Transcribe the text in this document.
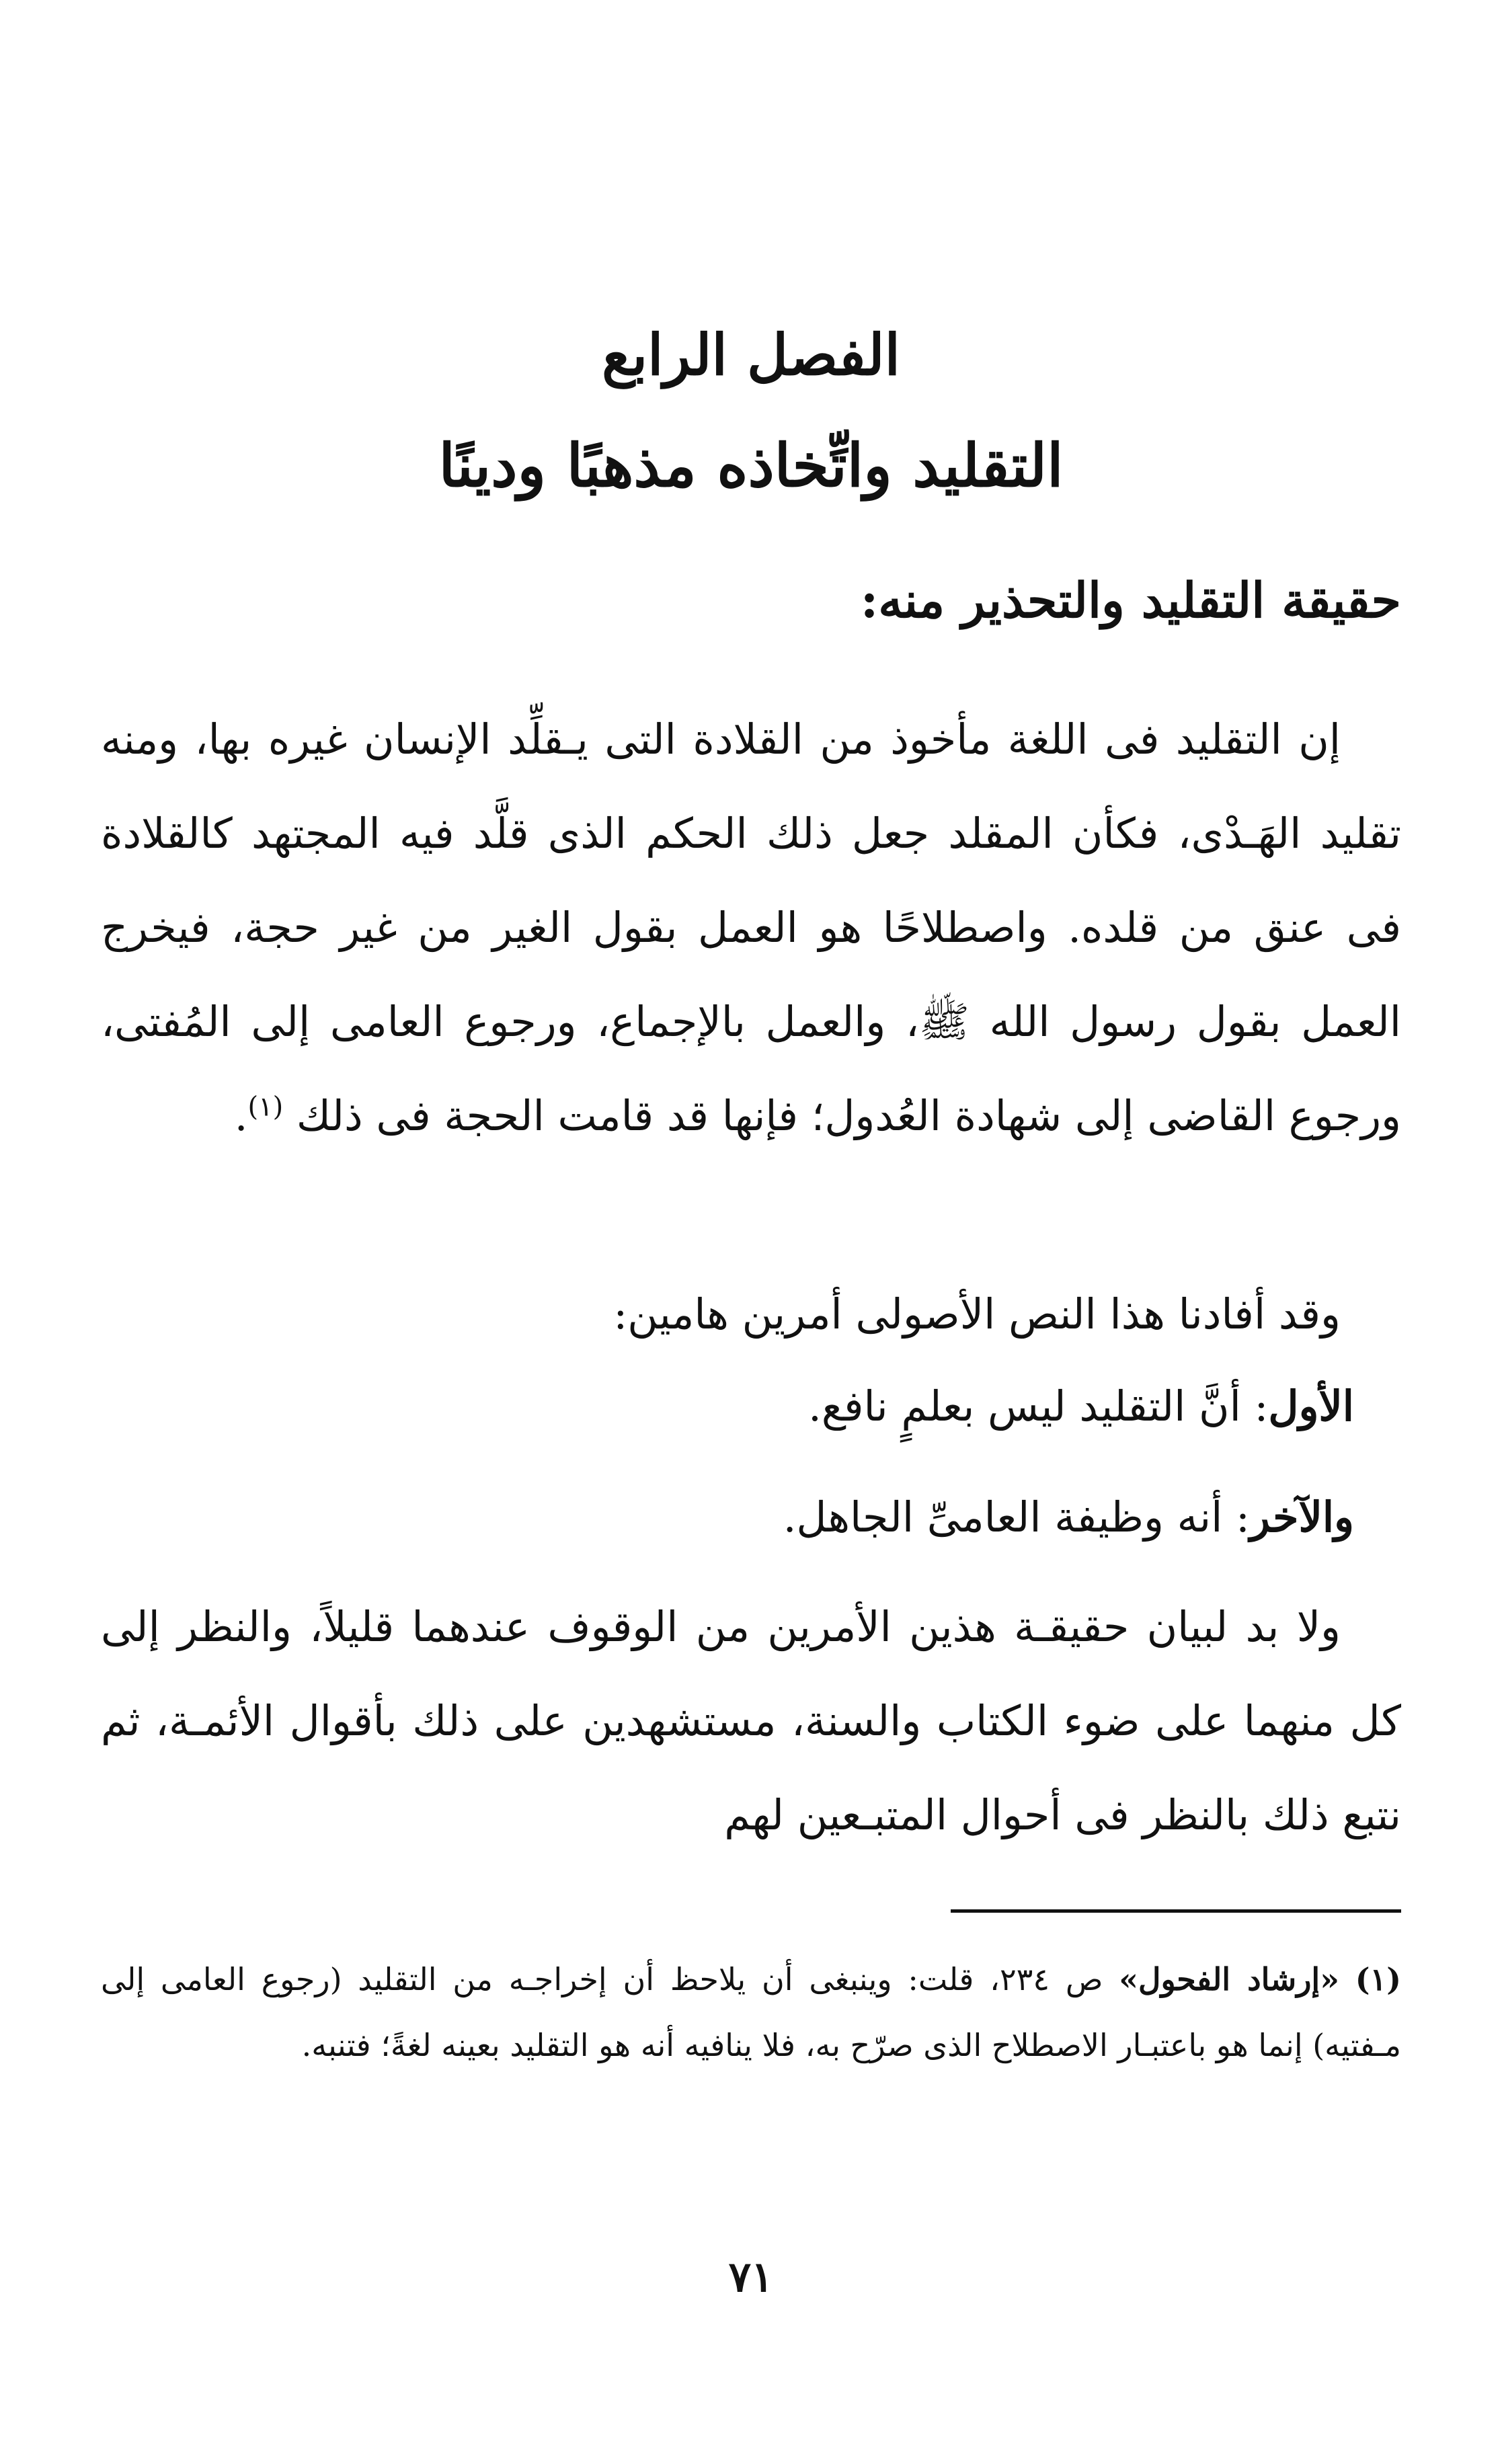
الفصل الرابع
التقليد واتِّخاذه مذهبًا ودينًا
حقيقة التقليد والتحذير منه:
إن التقليد فى اللغة مأخوذ من القلادة التى يـقلِّد الإنسان غيره بها، ومنه تقليد الهَـدْى، فكأن المقلد جعل ذلك الحكم الذى قلَّد فيه المجتهد كالقلادة فى عنق من قلده. واصطلاحًا هو العمل بقول الغير من غير حجة، فيخرج العمل بقول رسول الله ﷺ، والعمل بالإجماع، ورجوع العامى إلى المُفتى، ورجوع القاضى إلى شهادة العُدول؛ فإنها قد قامت الحجة فى ذلك $^{(١)}$.
وقد أفادنا هذا النص الأصولى أمرين هامين:
الأول: أنَّ التقليد ليس بعلمٍ نافع.
والآخر: أنه وظيفة العامىِّ الجاهل.
ولا بد لبيان حقيقـة هذين الأمرين من الوقوف عندهما قليلاً، والنظر إلى كل منهما على ضوء الكتاب والسنة، مستشهدين على ذلك بأقوال الأئمـة، ثم نتبع ذلك بالنظر فى أحوال المتبـعين لهم
(١) «إرشاد الفحول» ص ٢٣٤، قلت: وينبغى أن يلاحظ أن إخراجـه من التقليد (رجوع العامى إلى مـفتيه) إنما هو باعتبـار الاصطلاح الذى صرّح به، فلا ينافيه أنه هو التقليد بعينه لغةً؛ فتنبه.
٧١
